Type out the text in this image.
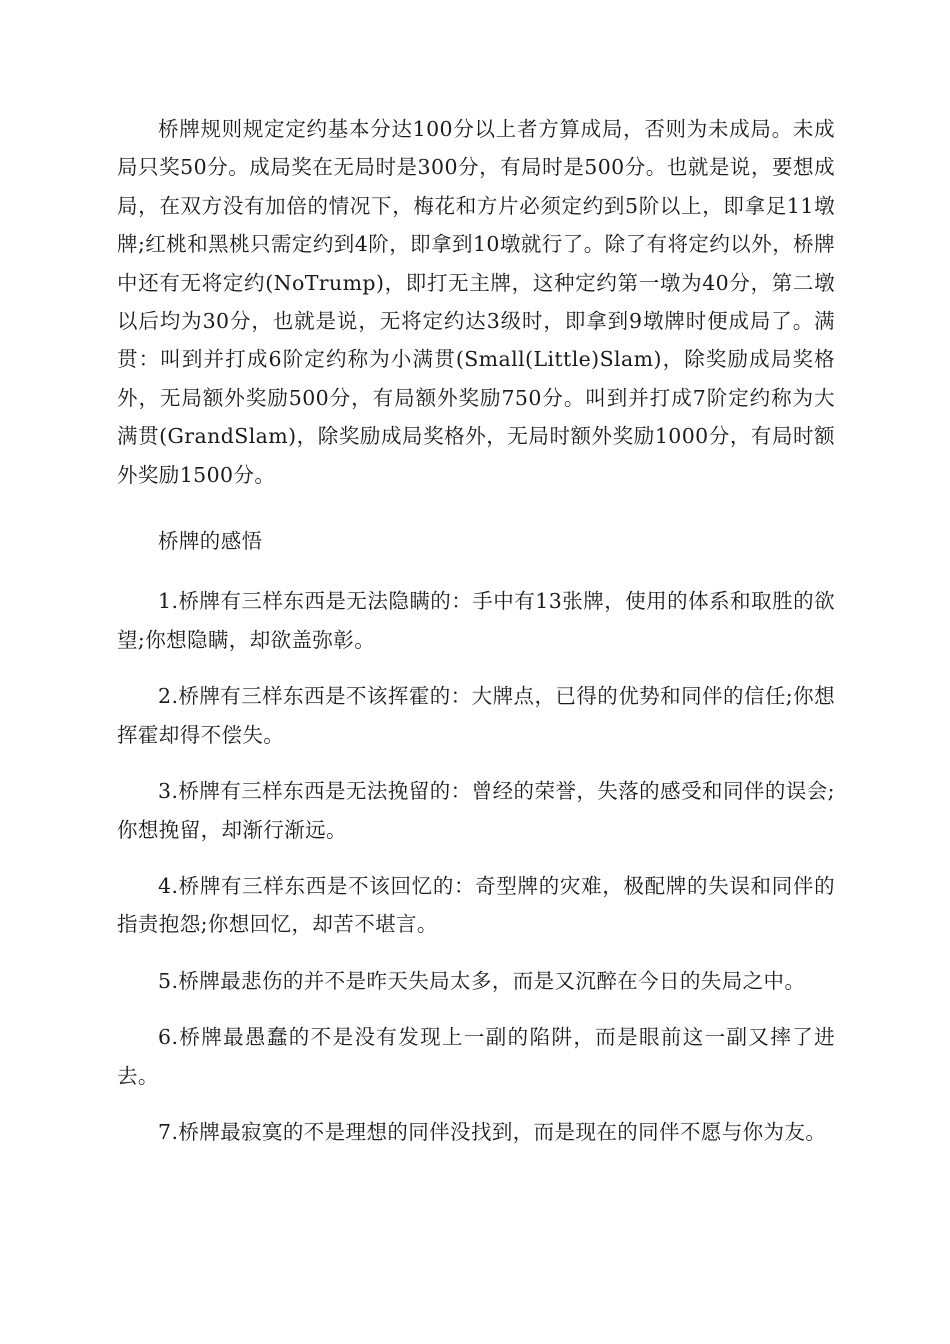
桥牌规则规定定约基本分达100分以上者方算成局，否则为未成局。未成局只奖50分。成局奖在无局时是300分，有局时是500分。也就是说，要想成局，在双方没有加倍的情况下，梅花和方片必须定约到5阶以上，即拿足11墩牌;红桃和黑桃只需定约到4阶，即拿到10墩就行了。除了有将定约以外，桥牌中还有无将定约(NoTrump)，即打无主牌，这种定约第一墩为40分，第二墩以后均为30分，也就是说，无将定约达3级时，即拿到9墩牌时便成局了。满贯：叫到并打成6阶定约称为小满贯(Small(Little)Slam)，除奖励成局奖格外，无局额外奖励500分，有局额外奖励750分。叫到并打成7阶定约称为大满贯(GrandSlam)，除奖励成局奖格外，无局时额外奖励1000分，有局时额外奖励1500分。

桥牌的感悟

1.桥牌有三样东西是无法隐瞒的：手中有13张牌，使用的体系和取胜的欲望;你想隐瞒，却欲盖弥彰。

2.桥牌有三样东西是不该挥霍的：大牌点，已得的优势和同伴的信任;你想挥霍却得不偿失。

3.桥牌有三样东西是无法挽留的：曾经的荣誉，失落的感受和同伴的误会;你想挽留，却渐行渐远。

4.桥牌有三样东西是不该回忆的：奇型牌的灾难，极配牌的失误和同伴的指责抱怨;你想回忆，却苦不堪言。

5.桥牌最悲伤的并不是昨天失局太多，而是又沉醉在今日的失局之中。

6.桥牌最愚蠢的不是没有发现上一副的陷阱，而是眼前这一副又摔了进去。

7.桥牌最寂寞的不是理想的同伴没找到，而是现在的同伴不愿与你为友。
